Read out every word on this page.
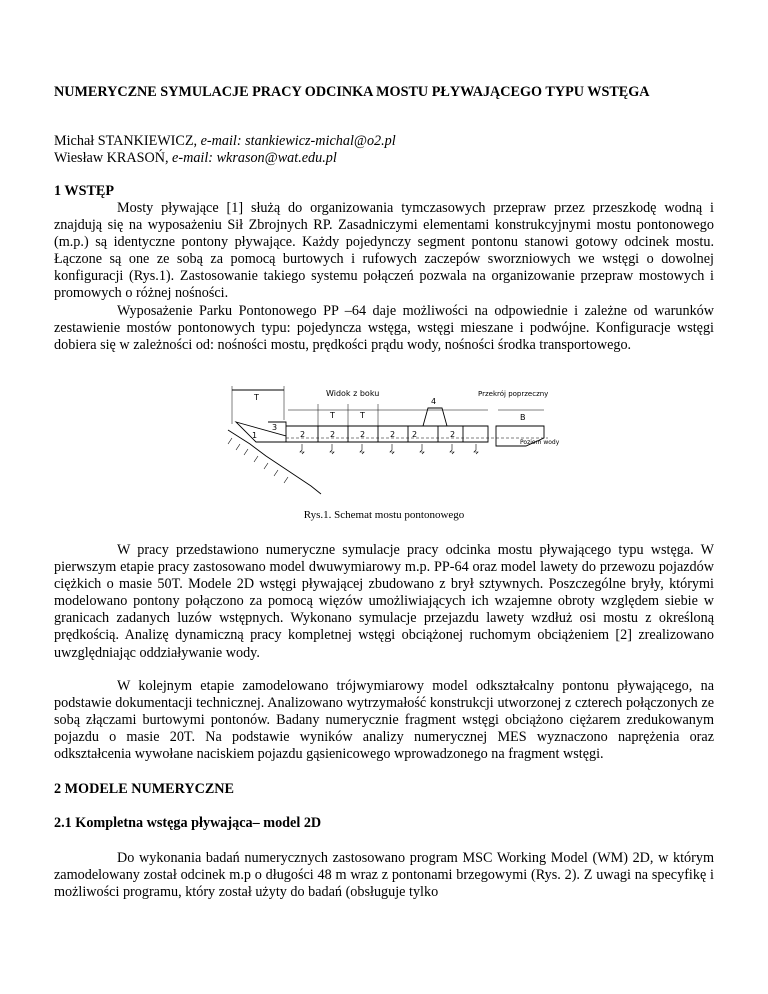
NUMERYCZNE SYMULACJE PRACY ODCINKA MOSTU PŁYWAJĄCEGO TYPU WSTĘGA
Michał STANKIEWICZ, e-mail: stankiewicz-michal@o2.pl
Wiesław KRASOŃ, e-mail: wkrason@wat.edu.pl
1 WSTĘP

Mosty pływające [1] służą do organizowania tymczasowych przepraw przez przeszkodę wodną i znajdują się na wyposażeniu Sił Zbrojnych RP. Zasadniczymi elementami konstrukcyjnymi mostu pontonowego (m.p.) są identyczne pontony pływające. Każdy pojedynczy segment pontonu stanowi gotowy odcinek mostu. Łączone są one ze sobą za pomocą burtowych i rufowych zaczepów sworzniowych we wstęgi o dowolnej konfiguracji (Rys.1). Zastosowanie takiego systemu połączeń pozwala na organizowanie przepraw mostowych i promowych o różnej nośności.

Wyposażenie Parku Pontonowego PP –64 daje możliwości na odpowiednie i zależne od warunków zestawienie mostów pontonowych typu: pojedyncza wstęga, wstęgi mieszane i podwójne. Konfiguracje wstęgi dobiera się w zależności od: nośności mostu, prędkości prądu wody, nośności środka transportowego.

Widok z boku	Przekrój poprzeczny
T
T	T	B
1
3
4
2	2	2	2 2	2
Poziom wody
Rys.1. Schemat mostu pontonowego

W pracy przedstawiono numeryczne symulacje pracy odcinka mostu pływającego typu wstęga. W pierwszym etapie pracy zastosowano model dwuwymiarowy m.p. PP-64 oraz model lawety do przewozu pojazdów ciężkich o masie 50T. Modele 2D wstęgi pływającej zbudowano z brył sztywnych. Poszczególne bryły, którymi modelowano pontony połączono za pomocą więzów umożliwiających ich wzajemne obroty względem siebie w granicach zadanych luzów wstępnych. Wykonano symulacje przejazdu lawety wzdłuż osi mostu z określoną prędkością. Analizę dynamiczną pracy kompletnej wstęgi obciążonej ruchomym obciążeniem [2] zrealizowano uwzględniając oddziaływanie wody.

W kolejnym etapie zamodelowano trójwymiarowy model odkształcalny pontonu pływającego, na podstawie dokumentacji technicznej. Analizowano wytrzymałość konstrukcji utworzonej z czterech połączonych ze sobą złączami burtowymi pontonów. Badany numerycznie fragment wstęgi obciążono ciężarem zredukowanym pojazdu o masie 20T. Na podstawie wyników analizy numerycznej MES wyznaczono naprężenia oraz odkształcenia wywołane naciskiem pojazdu gąsienicowego wprowadzonego na fragment wstęgi.

2 MODELE NUMERYCZNE
2.1 Kompletna wstęga pływająca– model 2D

Do wykonania badań numerycznych zastosowano program MSC Working Model (WM) 2D, w którym zamodelowany został odcinek m.p o długości 48 m wraz z pontonami brzegowymi (Rys. 2). Z uwagi na specyfikę i możliwości programu, który został użyty do badań (obsługuje tylko
